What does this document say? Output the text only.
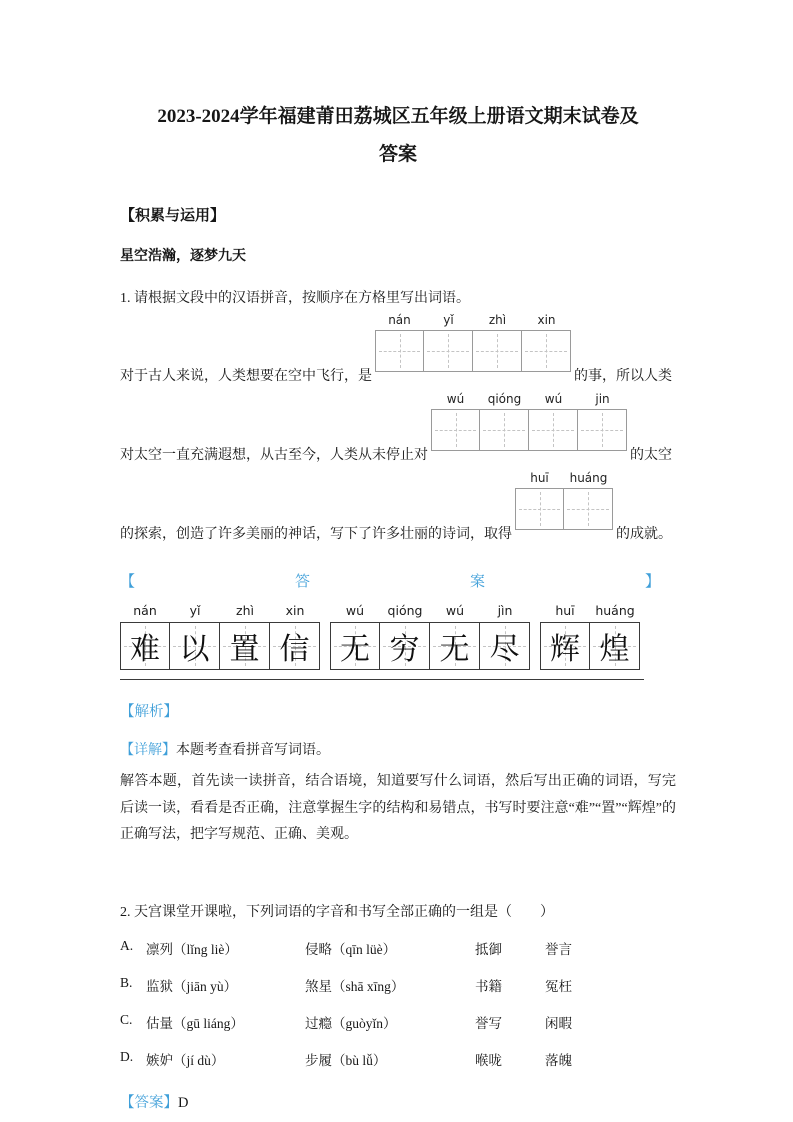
2023-2024学年福建莆田荔城区五年级上册语文期末试卷及
答案
【积累与运用】
星空浩瀚，逐梦九天
1. 请根据文段中的汉语拼音，按顺序在方格里写出词语。
对于古人来说，人类想要在空中飞行，是
nán	yǐ	zhì	xin
的事，所以人类
对太空一直充满遐想，从古至今，人类从未停止对
wú	qióng	wú	jin
的太空
的探索，创造了许多美丽的神话，写下了许多壮丽的诗词，取得
huī	huáng
的成就。
【	答	案	】
nán	yǐ	zhì	xin
难 以 置 信
wú	qióng	wú	jìn
无 穷 无 尽
huī	huáng
辉 煌
【解析】
【详解】本题考查看拼音写词语。
解答本题，首先读一读拼音，结合语境，知道要写什么词语，然后写出正确的词语，写完后读一读，看看是否正确，注意掌握生字的结构和易错点，书写时要注意“难”“置”“辉煌”的正确写法，把字写规范、正确、美观。
2. 天宫课堂开课啦，下列词语的字音和书写全部正确的一组是（　　）
A. 凛列（lǐng liè）	侵略（qīn lüè）	抵御	誉言
B.	监狱（jiān yù）	煞星（shā xīng）	书籍	冤枉
C.	估量（gū liáng）	过瘾（guòyǐn）	誉写	闲暇
D. 嫉妒（jí dù）	步履（bù lǚ）	喉咙	落魄
【答案】D
